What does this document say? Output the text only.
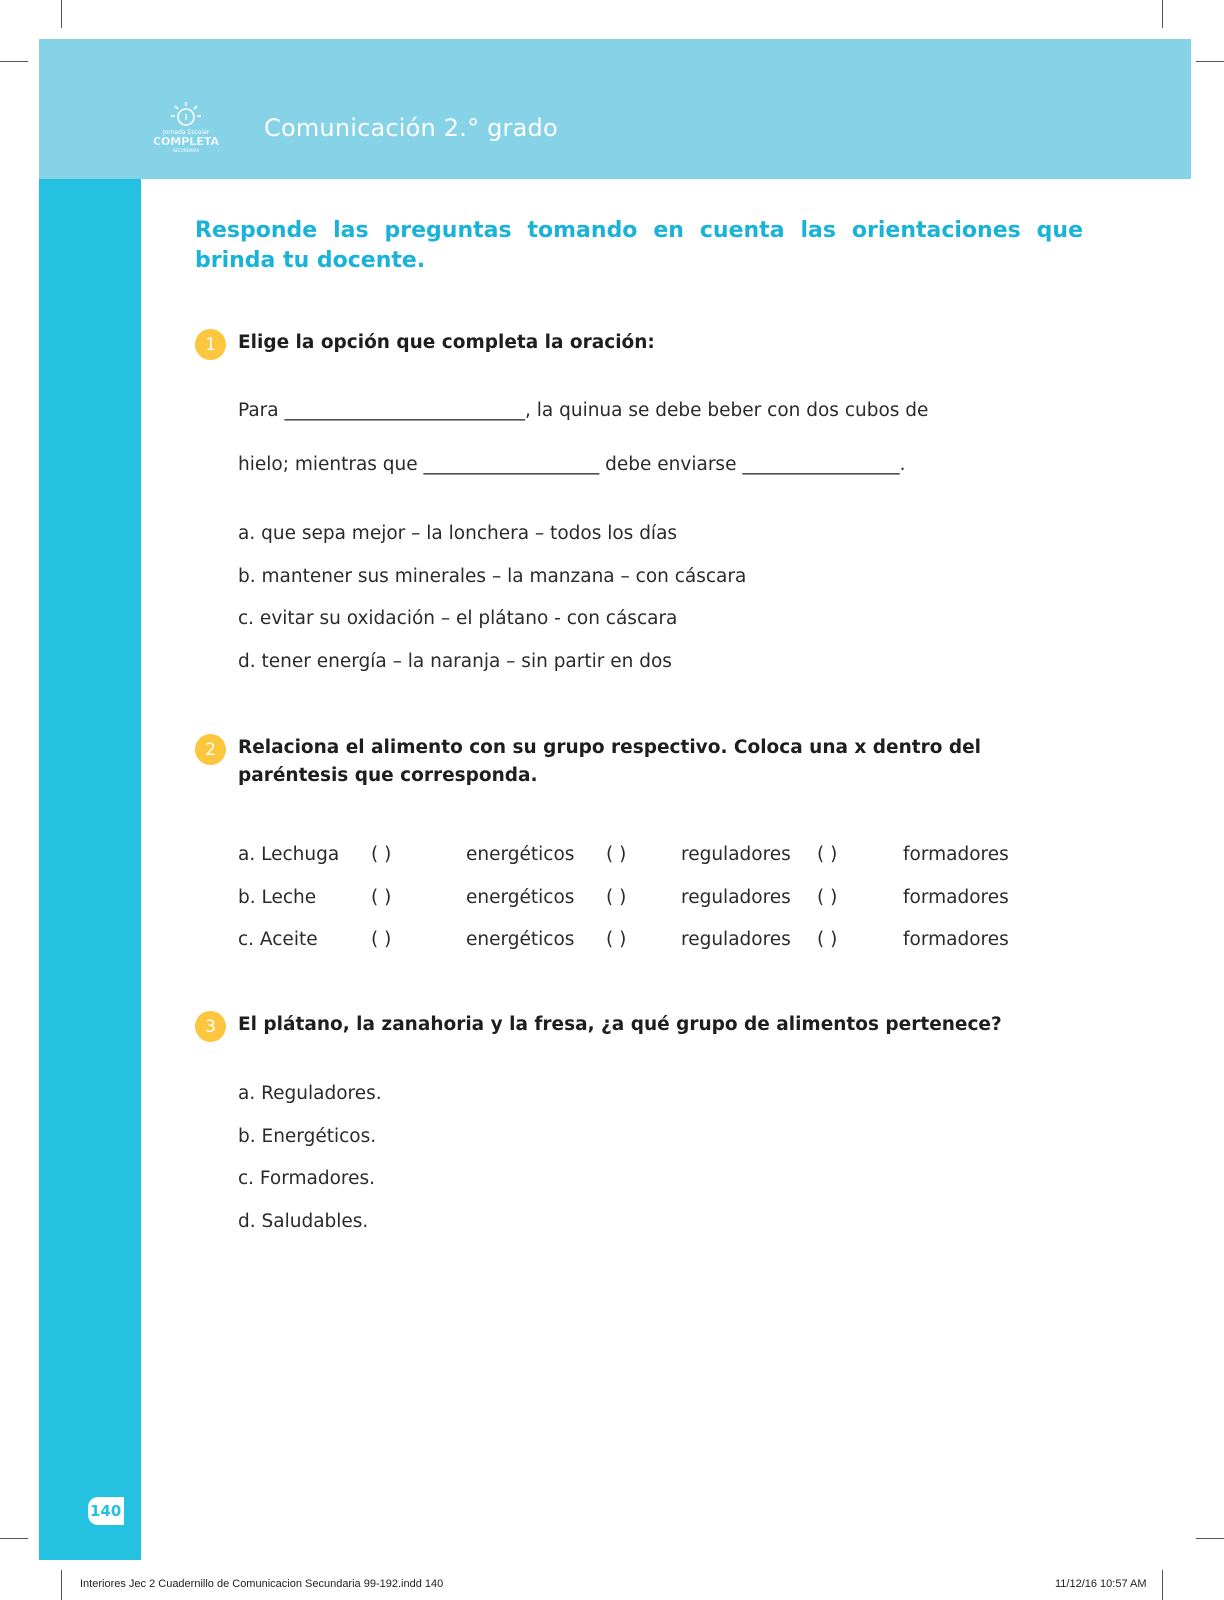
i
Jornada Escolar
COMPLETA
SECUNDARIA
Comunicación 2.° grado
Responde las preguntas tomando en cuenta las orientaciones que brinda tu docente.
1	Elige la opción que completa la oración:
Para __________________________, la quinua se debe beber con dos cubos de
hielo; mientras que ___________________ debe enviarse _________________.
a. que sepa mejor – la lonchera – todos los días
b. mantener sus minerales – la manzana – con cáscara
c. evitar su oxidación – el plátano - con cáscara
d. tener energía – la naranja – sin partir en dos
2	Relaciona el alimento con su grupo respectivo. Coloca una x dentro del paréntesis que corresponda.
a. Lechuga ( )	energéticos ( )	reguladores ( )	formadores
b. Leche	( )	energéticos ( )	reguladores ( )	formadores
c. Aceite	( )	energéticos ( )	reguladores ( )	formadores
3	El plátano, la zanahoria y la fresa, ¿a qué grupo de alimentos pertenece?
a. Reguladores.
b. Energéticos.
c. Formadores.
d. Saludables.
140
Interiores Jec 2 Cuadernillo de Comunicacion Secundaria 99-192.indd 140	11/12/16 10:57 AM
